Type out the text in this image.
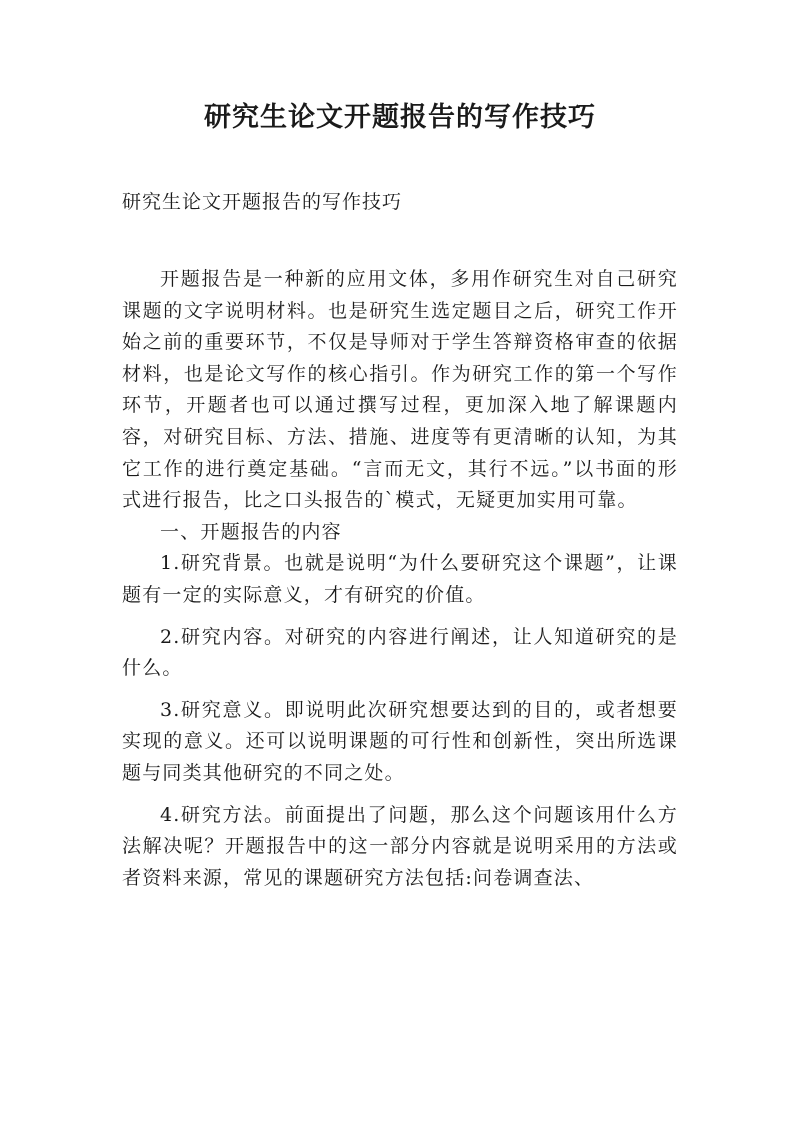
研究生论文开题报告的写作技巧

研究生论文开题报告的写作技巧

开题报告是一种新的应用文体，多用作研究生对自己研究课题的文字说明材料。也是研究生选定题目之后，研究工作开始之前的重要环节，不仅是导师对于学生答辩资格审查的依据材料，也是论文写作的核心指引。作为研究工作的第一个写作环节，开题者也可以通过撰写过程，更加深入地了解课题内容，对研究目标、方法、措施、进度等有更清晰的认知，为其它工作的进行奠定基础。“言而无文，其行不远。”以书面的形式进行报告，比之口头报告的`模式，无疑更加实用可靠。

一、开题报告的内容

1.研究背景。也就是说明“为什么要研究这个课题”，让课题有一定的实际意义，才有研究的价值。

2.研究内容。对研究的内容进行阐述，让人知道研究的是什么。

3.研究意义。即说明此次研究想要达到的目的，或者想要实现的意义。还可以说明课题的可行性和创新性，突出所选课题与同类其他研究的不同之处。

4.研究方法。前面提出了问题，那么这个问题该用什么方法解决呢？开题报告中的这一部分内容就是说明采用的方法或者资料来源，常见的课题研究方法包括:问卷调查法、
